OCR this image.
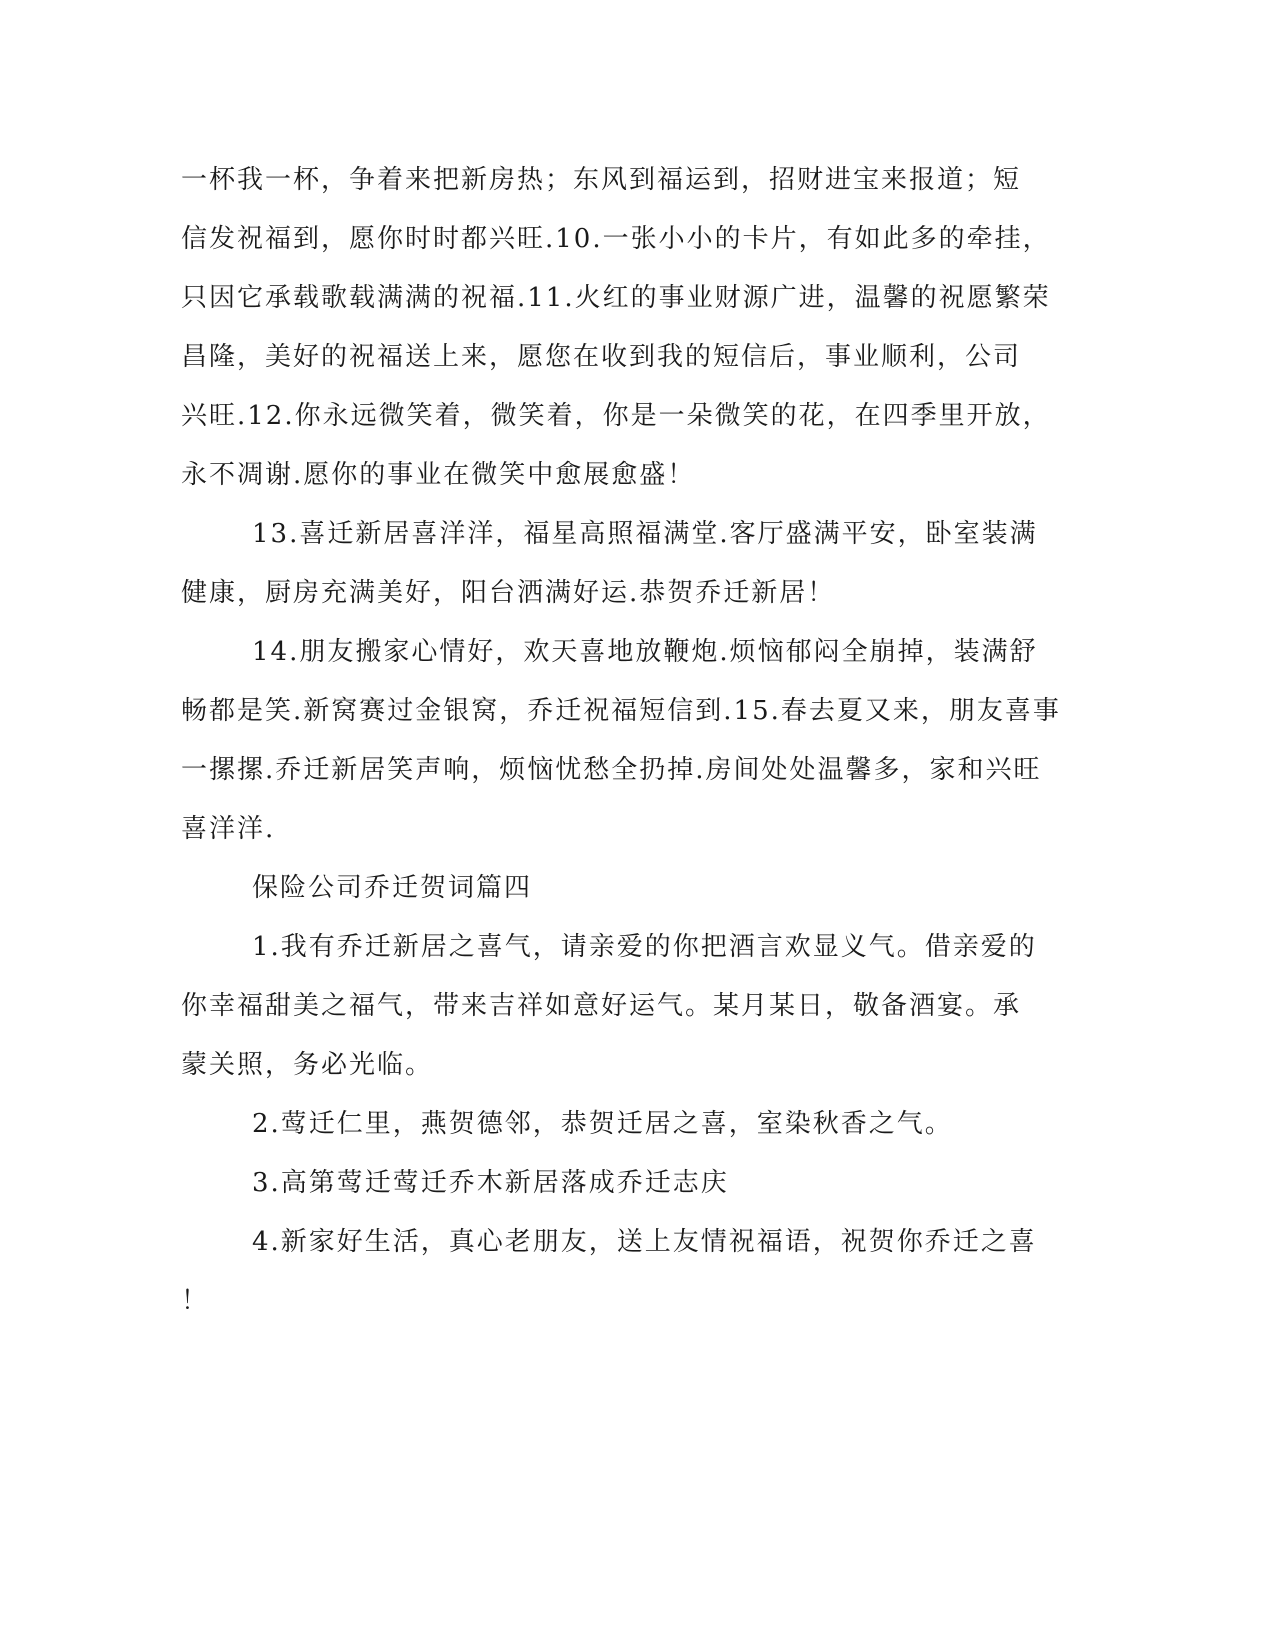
一杯我一杯，争着来把新房热；东风到福运到，招财进宝来报道；短
信发祝福到，愿你时时都兴旺.10.一张小小的卡片，有如此多的牵挂，
只因它承载歌载满满的祝福.11.火红的事业财源广进，温馨的祝愿繁荣
昌隆，美好的祝福送上来，愿您在收到我的短信后，事业顺利，公司
兴旺.12.你永远微笑着，微笑着，你是一朵微笑的花，在四季里开放，
永不凋谢.愿你的事业在微笑中愈展愈盛！
13.喜迁新居喜洋洋，福星高照福满堂.客厅盛满平安，卧室装满
健康，厨房充满美好，阳台洒满好运.恭贺乔迁新居！
14.朋友搬家心情好，欢天喜地放鞭炮.烦恼郁闷全崩掉，装满舒
畅都是笑.新窝赛过金银窝，乔迁祝福短信到.15.春去夏又来，朋友喜事
一摞摞.乔迁新居笑声响，烦恼忧愁全扔掉.房间处处温馨多，家和兴旺
喜洋洋.
保险公司乔迁贺词篇四
1.我有乔迁新居之喜气，请亲爱的你把酒言欢显义气。借亲爱的
你幸福甜美之福气，带来吉祥如意好运气。某月某日，敬备酒宴。承
蒙关照，务必光临。
2.莺迁仁里，燕贺德邻，恭贺迁居之喜，室染秋香之气。
3.高第莺迁莺迁乔木新居落成乔迁志庆
4.新家好生活，真心老朋友，送上友情祝福语，祝贺你乔迁之喜
！
